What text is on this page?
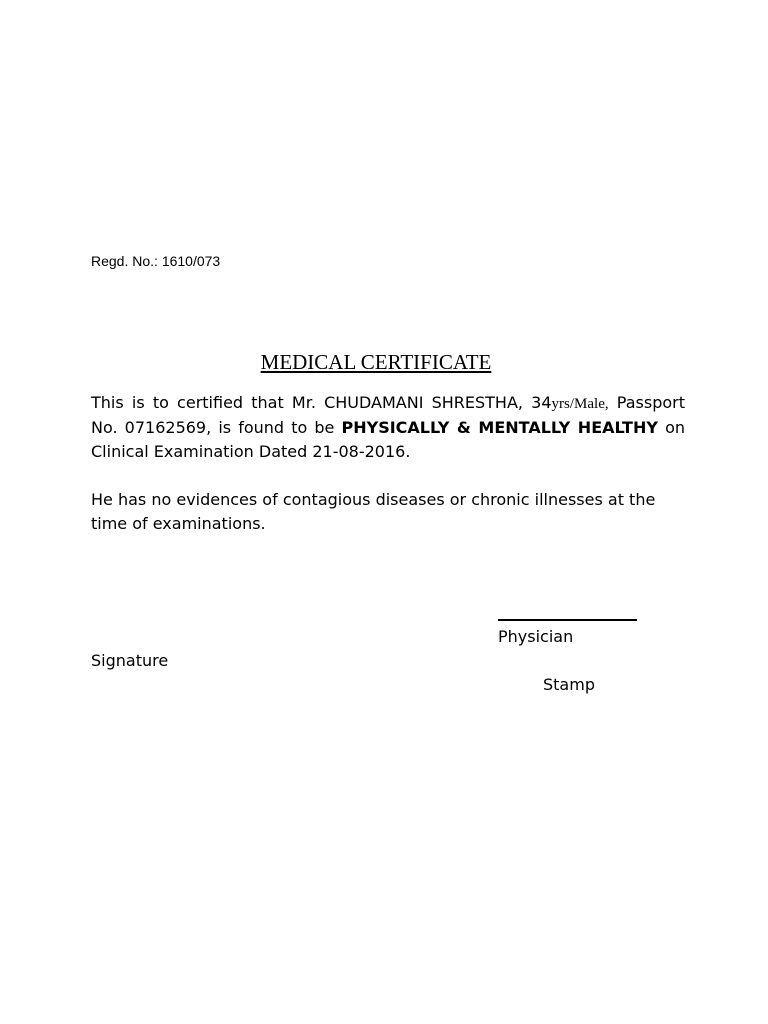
Regd. No.: 1610/073
MEDICAL CERTIFICATE
This is to certified that Mr. CHUDAMANI SHRESTHA, 34yrs/Male, Passport No. 07162569, is found to be PHYSICALLY & MENTALLY HEALTHY on Clinical Examination Dated 21-08-2016.
He has no evidences of contagious diseases or chronic illnesses at the time of examinations.
Physician
Signature
Stamp
